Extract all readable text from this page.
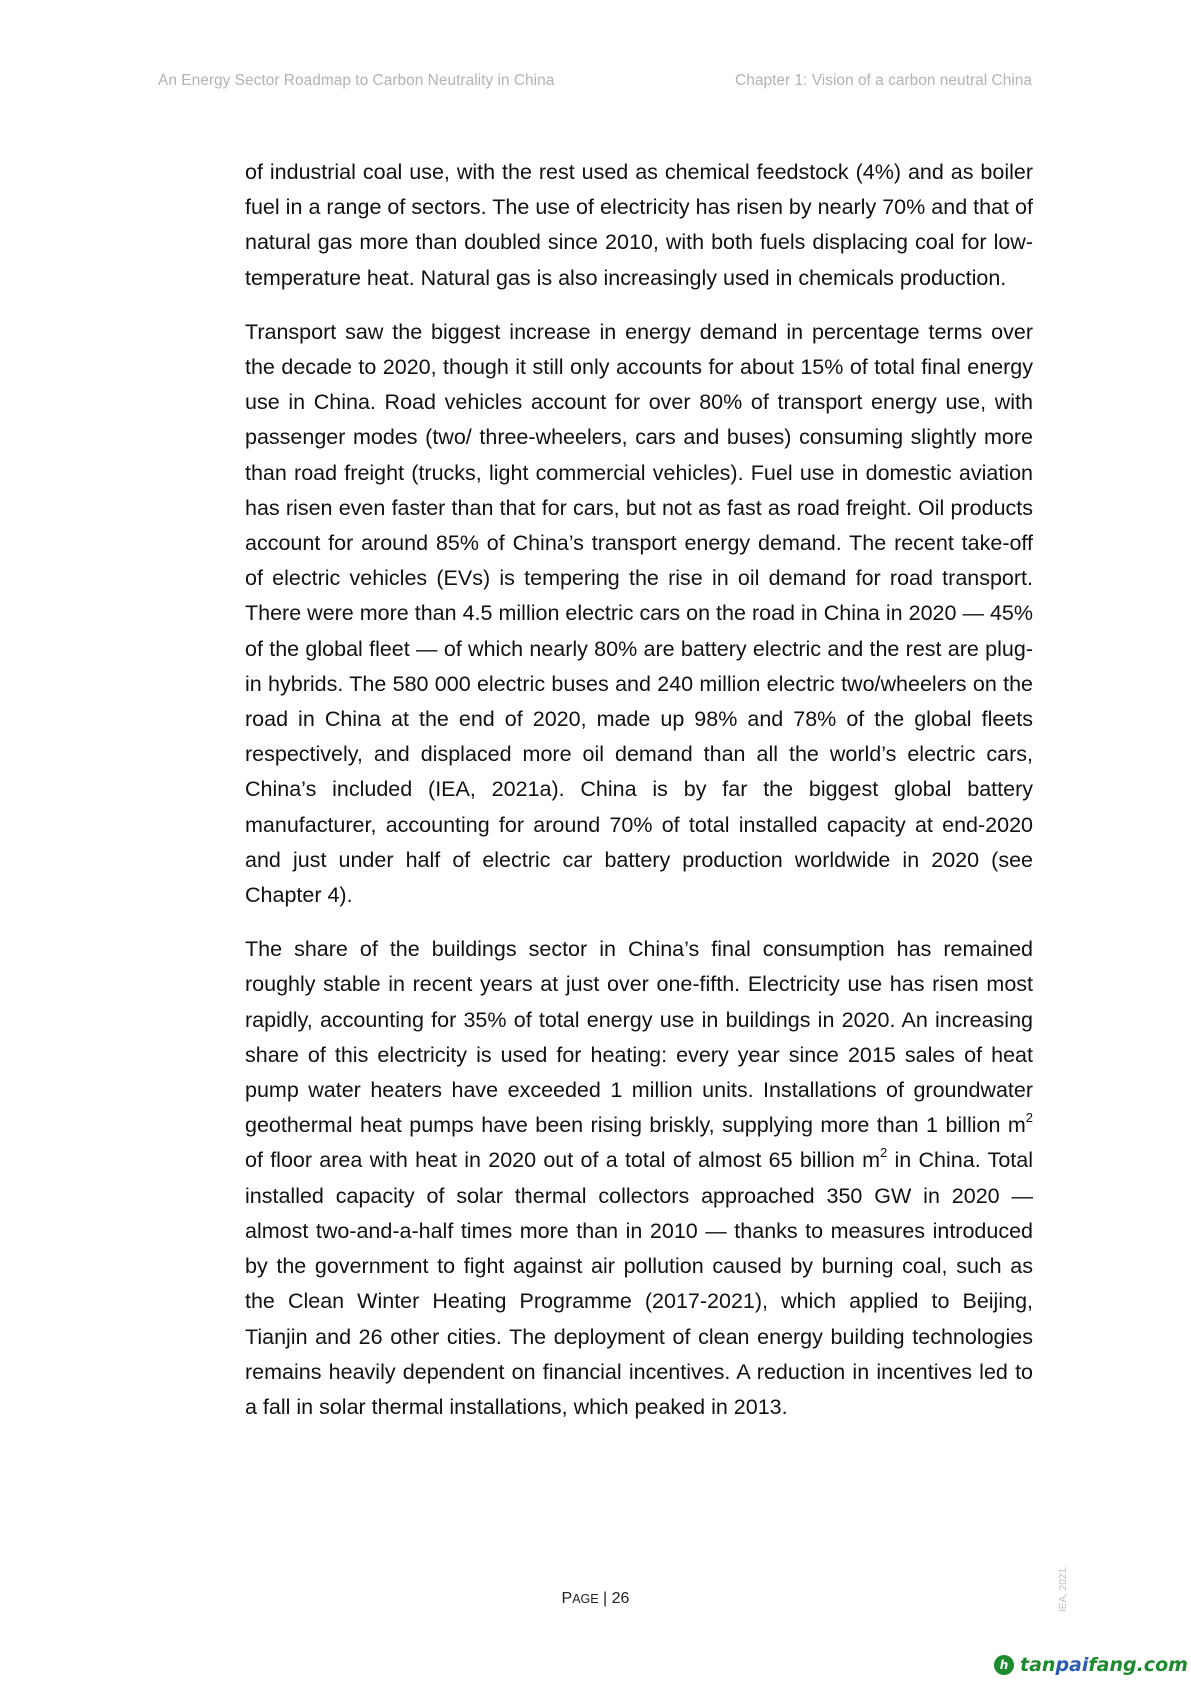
An Energy Sector Roadmap to Carbon Neutrality in China	Chapter 1: Vision of a carbon neutral China

of industrial coal use, with the rest used as chemical feedstock (4%) and as boiler fuel in a range of sectors. The use of electricity has risen by nearly 70% and that of natural gas more than doubled since 2010, with both fuels displacing coal for low-temperature heat. Natural gas is also increasingly used in chemicals production.

Transport saw the biggest increase in energy demand in percentage terms over the decade to 2020, though it still only accounts for about 15% of total final energy use in China. Road vehicles account for over 80% of transport energy use, with passenger modes (two/ three-wheelers, cars and buses) consuming slightly more than road freight (trucks, light commercial vehicles). Fuel use in domestic aviation has risen even faster than that for cars, but not as fast as road freight. Oil products account for around 85% of China’s transport energy demand. The recent take-off of electric vehicles (EVs) is tempering the rise in oil demand for road transport. There were more than 4.5 million electric cars on the road in China in 2020 — 45% of the global fleet — of which nearly 80% are battery electric and the rest are plug-in hybrids. The 580 000 electric buses and 240 million electric two/wheelers on the road in China at the end of 2020, made up 98% and 78% of the global fleets respectively, and displaced more oil demand than all the world’s electric cars, China’s included (IEA, 2021a). China is by far the biggest global battery manufacturer, accounting for around 70% of total installed capacity at end-2020 and just under half of electric car battery production worldwide in 2020 (see Chapter 4).

The share of the buildings sector in China’s final consumption has remained roughly stable in recent years at just over one-fifth. Electricity use has risen most rapidly, accounting for 35% of total energy use in buildings in 2020. An increasing share of this electricity is used for heating: every year since 2015 sales of heat pump water heaters have exceeded 1 million units. Installations of groundwater geothermal heat pumps have been rising briskly, supplying more than 1 billion $m^2$ of floor area with heat in 2020 out of a total of almost 65 billion $m^2$ in China. Total installed capacity of solar thermal collectors approached 350 GW in 2020 — almost two-and-a-half times more than in 2010 — thanks to measures introduced by the government to fight against air pollution caused by burning coal, such as the Clean Winter Heating Programme (2017-2021), which applied to Beijing, Tianjin and 26 other cities. The deployment of clean energy building technologies remains heavily dependent on financial incentives. A reduction in incentives led to a fall in solar thermal installations, which peaked in 2013.

PAGE | 26	IEA, 2021.
h tanpaifang.com
